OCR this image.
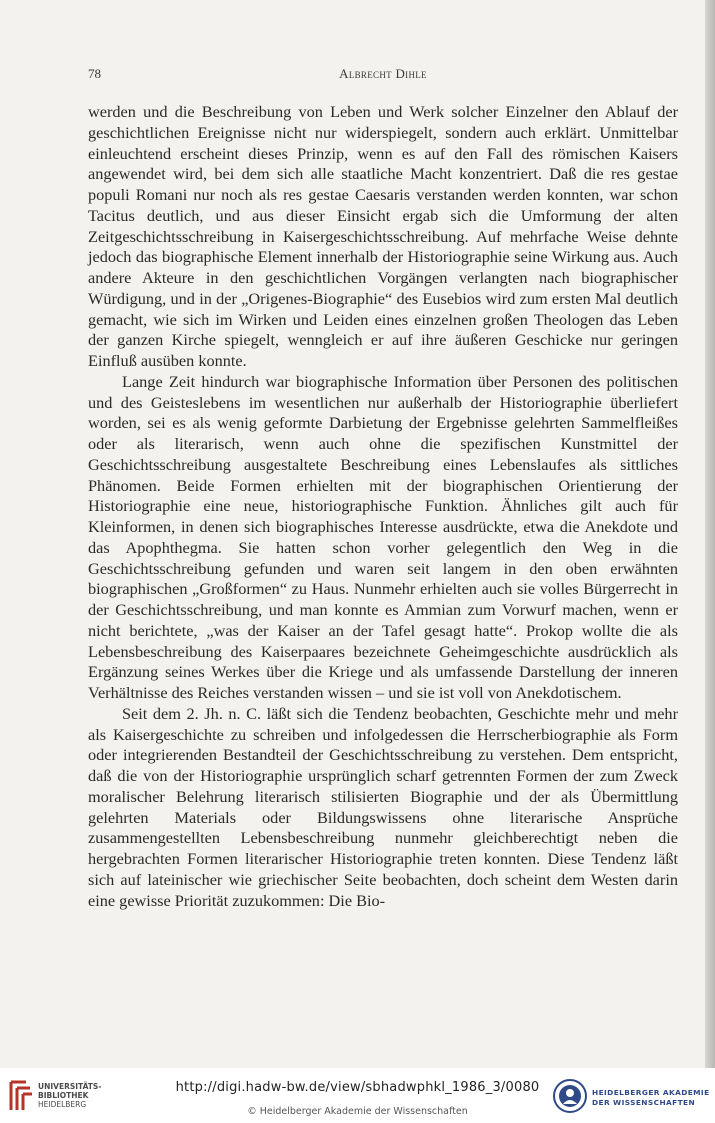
78	Albrecht Dihle

werden und die Beschreibung von Leben und Werk solcher Einzelner den Ablauf der geschichtlichen Ereignisse nicht nur widerspiegelt, sondern auch erklärt. Unmittelbar einleuchtend erscheint dieses Prinzip, wenn es auf den Fall des römischen Kaisers angewendet wird, bei dem sich alle staatliche Macht konzentriert. Daß die res gestae populi Romani nur noch als res gestae Caesaris verstanden werden konnten, war schon Tacitus deutlich, und aus dieser Einsicht ergab sich die Umformung der alten Zeitgeschichtsschreibung in Kaisergeschichtsschreibung. Auf mehrfache Weise dehnte jedoch das biographische Element innerhalb der Historiographie seine Wirkung aus. Auch andere Akteure in den geschichtlichen Vorgängen verlangten nach biographischer Würdigung, und in der „Origenes-Biographie“ des Eusebios wird zum ersten Mal deutlich gemacht, wie sich im Wirken und Leiden eines einzelnen großen Theologen das Leben der ganzen Kirche spiegelt, wenngleich er auf ihre äußeren Geschicke nur geringen Einfluß ausüben konnte.

Lange Zeit hindurch war biographische Information über Personen des politischen und des Geisteslebens im wesentlichen nur außerhalb der Historiographie überliefert worden, sei es als wenig geformte Darbietung der Ergebnisse gelehrten Sammelfleißes oder als literarisch, wenn auch ohne die spezifischen Kunstmittel der Geschichtsschreibung ausgestaltete Beschreibung eines Lebenslaufes als sittliches Phänomen. Beide Formen erhielten mit der biographischen Orientierung der Historiographie eine neue, historiographische Funktion. Ähnliches gilt auch für Kleinformen, in denen sich biographisches Interesse ausdrückte, etwa die Anekdote und das Apophthegma. Sie hatten schon vorher gelegentlich den Weg in die Geschichtsschreibung gefunden und waren seit langem in den oben erwähnten biographischen „Großformen“ zu Haus. Nunmehr erhielten auch sie volles Bürgerrecht in der Geschichtsschreibung, und man konnte es Ammian zum Vorwurf machen, wenn er nicht berichtete, „was der Kaiser an der Tafel gesagt hatte“. Prokop wollte die als Lebensbeschreibung des Kaiserpaares bezeichnete Geheimgeschichte ausdrücklich als Ergänzung seines Werkes über die Kriege und als umfassende Darstellung der inneren Verhältnisse des Reiches verstanden wissen – und sie ist voll von Anekdotischem.

Seit dem 2. Jh. n. C. läßt sich die Tendenz beobachten, Geschichte mehr und mehr als Kaisergeschichte zu schreiben und infolgedessen die Herrscherbiographie als Form oder integrierenden Bestandteil der Geschichtsschreibung zu verstehen. Dem entspricht, daß die von der Historiographie ursprünglich scharf getrennten Formen der zum Zweck moralischer Belehrung literarisch stilisierten Biographie und der als Übermittlung gelehrten Materials oder Bildungswissens ohne literarische Ansprüche zusammengestellten Lebensbeschreibung nunmehr gleichberechtigt neben die hergebrachten Formen literarischer Historiographie treten konnten. Diese Tendenz läßt sich auf lateinischer wie griechischer Seite beobachten, doch scheint dem Westen darin eine gewisse Priorität zuzukommen: Die Bio-

UNIVERSITÄTS-
BIBLIOTHEK
HEIDELBERG
http://digi.hadw-bw.de/view/sbhadwphkl_1986_3/0080
© Heidelberger Akademie der Wissenschaften
HEIDELBERGER AKADEMIE
DER WISSENSCHAFTEN
